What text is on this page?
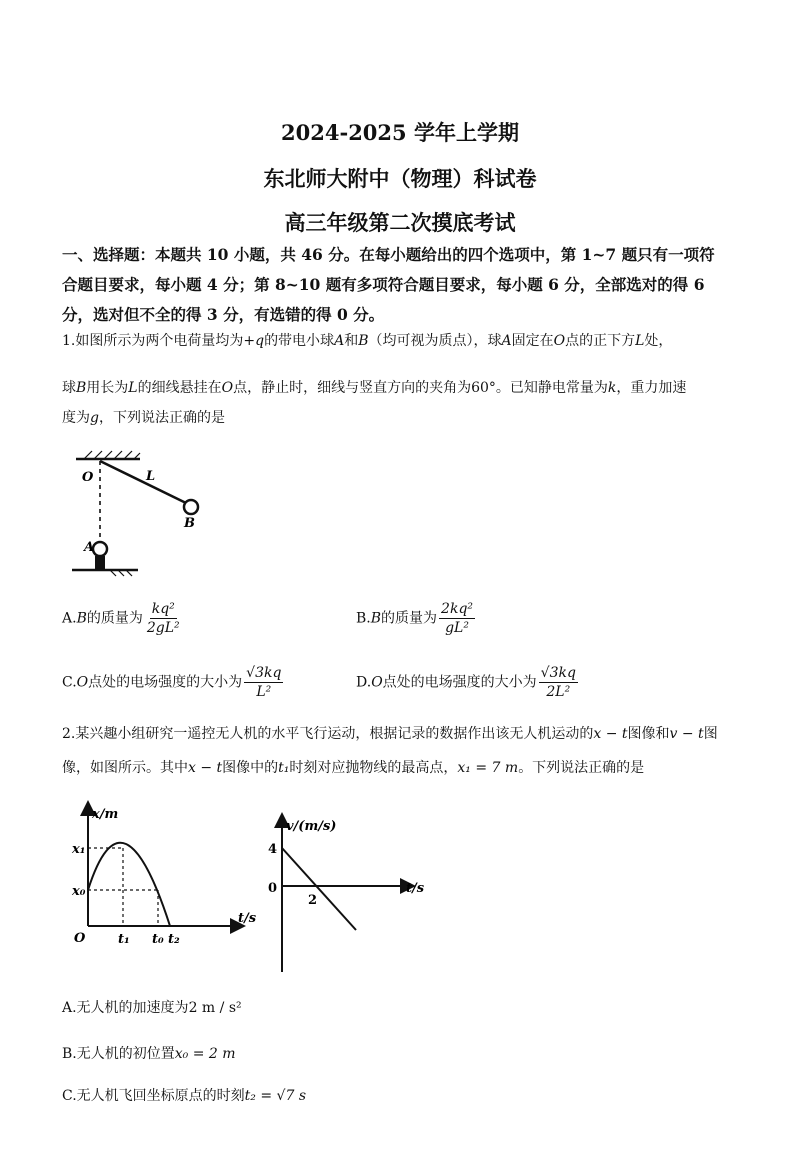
2024-2025 学年上学期
东北师大附中（物理）科试卷
高三年级第二次摸底考试
一、选择题：本题共 10 小题，共 46 分。在每小题给出的四个选项中，第 1~7 题只有一项符
合题目要求，每小题 4 分；第 8~10 题有多项符合题目要求，每小题 6 分，全部选对的得 6
分，选对但不全的得 3 分，有选错的得 0 分。
1.如图所示为两个电荷量均为+q的带电小球A和B（均可视为质点），球A固定在O点的正下方L处，
球B用长为L的细线悬挂在O点，静止时，细线与竖直方向的夹角为60°。已知静电常量为k，重力加速
度为g，下列说法正确的是
O	L
B
A
A.B的质量为 $\frac{\text{kq²}}{\text{2gL²}}$	B.B的质量为 $\frac{\text{2kq²}}{\text{gL²}}$
C.O点处的电场强度的大小为 $\frac{√3kq}{\text{L²}}$	D.O点处的电场强度的大小为 $\frac{√3kq}{\text{2L²}}$
2.某兴趣小组研究一遥控无人机的水平飞行运动，根据记录的数据作出该无人机运动的x − t图像和v − t图
像，如图所示。其中x − t图像中的t₁时刻对应抛物线的最高点，x₁ = 7 m。下列说法正确的是
x/m
t/s
x₁
x₀
O	t₁ t₀ t₂
v/(m/s)
t/s
4
0
2
A.无人机的加速度为2 m / s²
B.无人机的初位置x₀ = 2 m
C.无人机飞回坐标原点的时刻t₂ = √7 s
